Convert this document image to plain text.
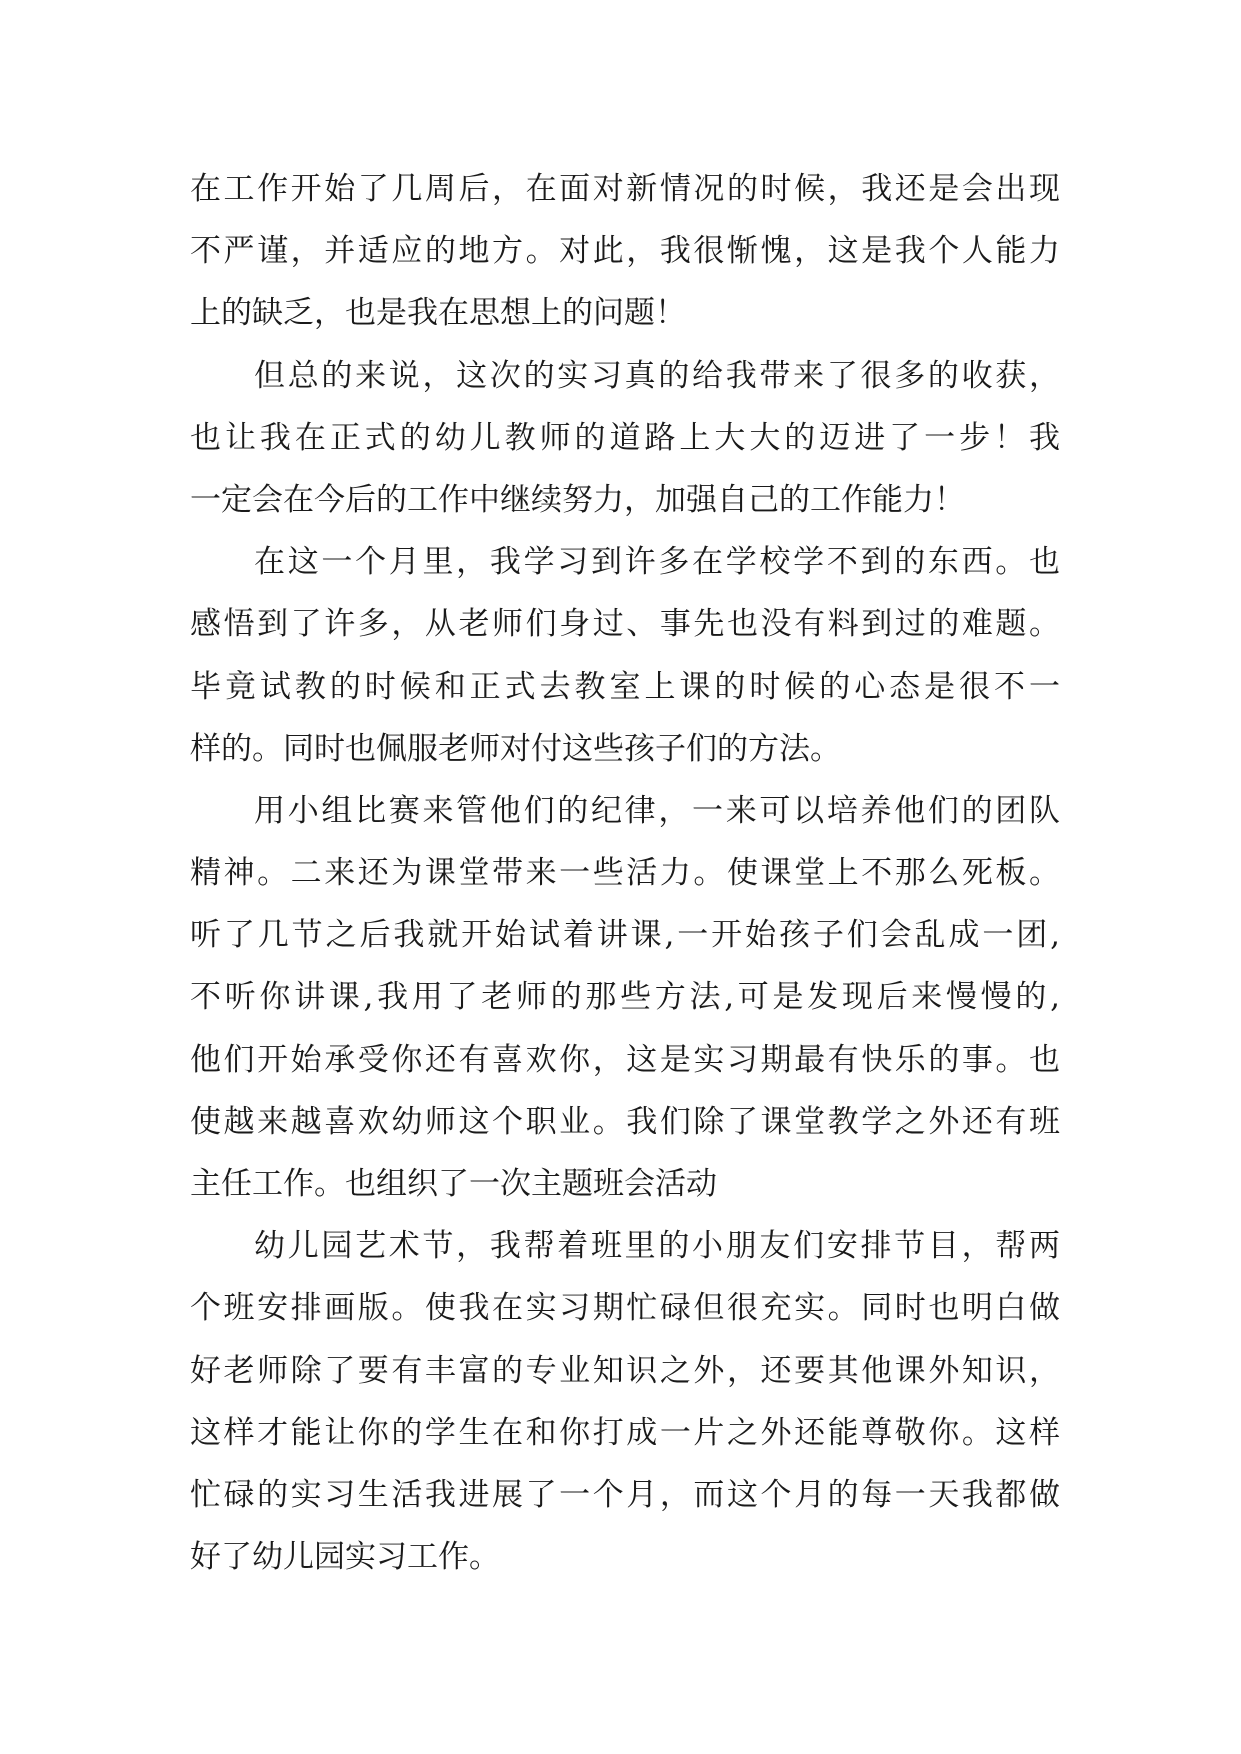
在工作开始了几周后，在面对新情况的时候，我还是会出现
不严谨，并适应的地方。对此，我很惭愧，这是我个人能力
上的缺乏，也是我在思想上的问题！
但总的来说，这次的实习真的给我带来了很多的收获，
也让我在正式的幼儿教师的道路上大大的迈进了一步！我
一定会在今后的工作中继续努力，加强自己的工作能力！
在这一个月里，我学习到许多在学校学不到的东西。也
感悟到了许多，从老师们身过、事先也没有料到过的难题。
毕竟试教的时候和正式去教室上课的时候的心态是很不一
样的。同时也佩服老师对付这些孩子们的方法。
用小组比赛来管他们的纪律，一来可以培养他们的团队
精神。二来还为课堂带来一些活力。使课堂上不那么死板。
听了几节之后我就开始试着讲课,一开始孩子们会乱成一团,
不听你讲课,我用了老师的那些方法,可是发现后来慢慢的,
他们开始承受你还有喜欢你，这是实习期最有快乐的事。也
使越来越喜欢幼师这个职业。我们除了课堂教学之外还有班
主任工作。也组织了一次主题班会活动
幼儿园艺术节，我帮着班里的小朋友们安排节目，帮两
个班安排画版。使我在实习期忙碌但很充实。同时也明白做
好老师除了要有丰富的专业知识之外，还要其他课外知识，
这样才能让你的学生在和你打成一片之外还能尊敬你。这样
忙碌的实习生活我进展了一个月，而这个月的每一天我都做
好了幼儿园实习工作。
